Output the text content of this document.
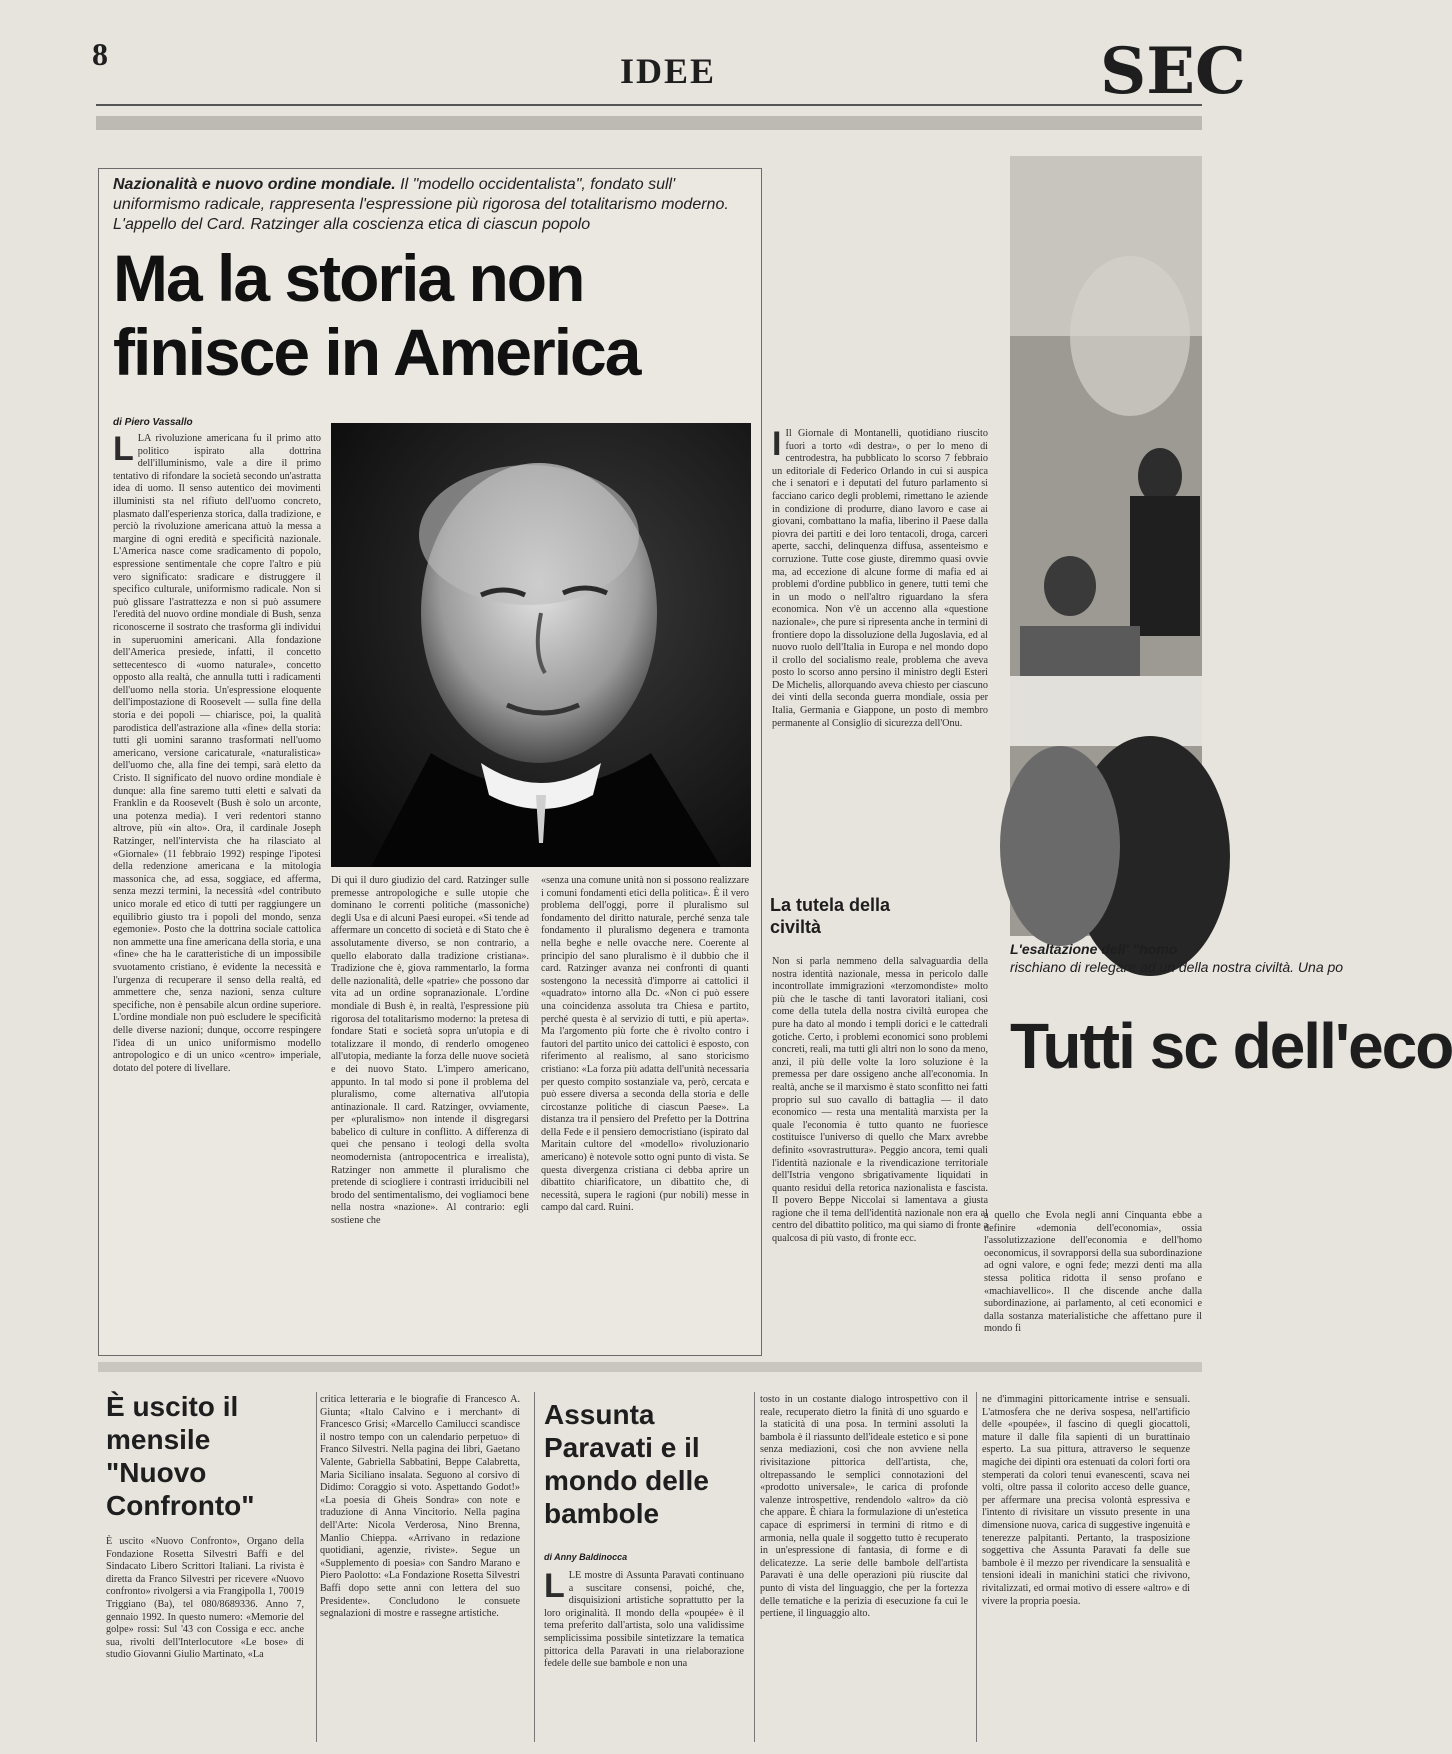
8	IDEE	SEC
Nazionalità e nuovo ordine mondiale. Il "modello occidentalista", fondato sull' uniformismo radicale, rappresenta l'espressione più rigorosa del totalitarismo moderno. L'appello del Card. Ratzinger alla coscienza etica di ciascun popolo
Ma la storia non finisce in America
di Piero Vassallo
LLA rivoluzione americana fu il primo atto politico ispirato alla dottrina dell'illuminismo, vale a dire il primo tentativo di rifondare la società secondo un'astratta idea di uomo. Il senso autentico dei movimenti illuministi sta nel rifiuto dell'uomo concreto, plasmato dall'esperienza storica, dalla tradizione, e perciò la rivoluzione americana attuò la messa a margine di ogni eredità e specificità nazionale. L'America nasce come sradicamento di popolo, espressione sentimentale che copre l'altro e più vero significato: sradicare e distruggere il specifico culturale, uniformismo radicale. Non si può glissare l'astrattezza e non si può assumere l'eredità del nuovo ordine mondiale di Bush, senza riconoscerne il sostrato che trasforma gli individui in superuomini americani. Alla fondazione dell'America presiede, infatti, il concetto settecentesco di «uomo naturale», concetto opposto alla realtà, che annulla tutti i radicamenti dell'uomo nella storia. Un'espressione eloquente dell'impostazione di Roosevelt — sulla fine della storia e dei popoli — chiarisce, poi, la qualità parodistica dell'astrazione alla «fine» della storia: tutti gli uomini saranno trasformati nell'uomo americano, versione caricaturale, «naturalistica» dell'uomo che, alla fine dei tempi, sarà eletto da Cristo. Il significato del nuovo ordine mondiale è dunque: alla fine saremo tutti eletti e salvati da Franklin e da Roosevelt (Bush è solo un arconte, una potenza media). I veri redentori stanno altrove, più «in alto». Ora, il cardinale Joseph Ratzinger, nell'intervista che ha rilasciato al «Giornale» (11 febbraio 1992) respinge l'ipotesi della redenzione americana e la mitologia massonica che, ad essa, soggiace, ed afferma, senza mezzi termini, la necessità «del contributo unico morale ed etico di tutti per raggiungere un equilibrio giusto tra i popoli del mondo, senza egemonie». Posto che la dottrina sociale cattolica non ammette una fine americana della storia, e una «fine» che ha le caratteristiche di un impossibile svuotamento cristiano, è evidente la necessità e l'urgenza di recuperare il senso della realtà, ed ammettere che, senza nazioni, senza culture specifiche, non è pensabile alcun ordine superiore. L'ordine mondiale non può escludere le specificità delle diverse nazioni; dunque, occorre respingere l'idea di un unico uniformismo modello antropologico e di un unico «centro» imperiale, dotato del potere di livellare.
Di qui il duro giudizio del card. Ratzinger sulle premesse antropologiche e sulle utopie che dominano le correnti politiche (massoniche) degli Usa e di alcuni Paesi europei. «Si tende ad affermare un concetto di società e di Stato che è assolutamente diverso, se non contrario, a quello elaborato dalla tradizione cristiana». Tradizione che è, giova rammentarlo, la forma delle nazionalità, delle «patrie» che possono dar vita ad un ordine sopranazionale. L'ordine mondiale di Bush è, in realtà, l'espressione più rigorosa del totalitarismo moderno: la pretesa di fondare Stati e società sopra un'utopia e di totalizzare il mondo, di renderlo omogeneo all'utopia, mediante la forza delle nuove società e dei nuovo Stato. L'impero americano, appunto. In tal modo si pone il problema del pluralismo, come alternativa all'utopia antinazionale. Il card. Ratzinger, ovviamente, per «pluralismo» non intende il disgregarsi babelico di culture in conflitto. A differenza di quei che pensano i teologi della svolta neomodernista (antropocentrica e irrealista), Ratzinger non ammette il pluralismo che pretende di sciogliere i contrasti irriducibili nel brodo del sentimentalismo, dei vogliamoci bene nella nostra «nazione». Al contrario: egli sostiene che
«senza una comune unità non si possono realizzare i comuni fondamenti etici della politica». È il vero problema dell'oggi, porre il pluralismo sul fondamento del diritto naturale, perché senza tale fondamento il pluralismo degenera e tramonta nella beghe e nelle ovacche nere. Coerente al principio del sano pluralismo è il dubbio che il card. Ratzinger avanza nei confronti di quanti sostengono la necessità d'imporre ai cattolici il «quadrato» intorno alla Dc. «Non ci può essere una coincidenza assoluta tra Chiesa e partito, perché questa è al servizio di tutti, e più aperta». Ma l'argomento più forte che è rivolto contro i fautori del partito unico dei cattolici è esposto, con riferimento al realismo, al sano storicismo cristiano: «La forza più adatta dell'unità necessaria per questo compito sostanziale va, però, cercata e può essere diversa a seconda della storia e delle circostanze politiche di ciascun Paese». La distanza tra il pensiero del Prefetto per la Dottrina della Fede e il pensiero democristiano (ispirato dal Maritain cultore del «modello» rivoluzionario americano) è notevole sotto ogni punto di vista. Se questa divergenza cristiana ci debba aprire un dibattito chiarificatore, un dibattito che, di necessità, supera le ragioni (pur nobili) messe in campo dal card. Ruini.
I Il Giornale di Montanelli, quotidiano riuscito fuori a torto «di destra», o per lo meno di centrodestra, ha pubblicato lo scorso 7 febbraio un editoriale di Federico Orlando in cui si auspica che i senatori e i deputati del futuro parlamento si facciano carico degli problemi, rimettano le aziende in condizione di produrre, diano lavoro e case ai giovani, combattano la mafia, liberino il Paese dalla piovra dei partiti e dei loro tentacoli, droga, carceri aperte, sacchi, delinquenza diffusa, assenteismo e corruzione. Tutte cose giuste, diremmo quasi ovvie ma, ad eccezione di alcune forme di mafia ed ai problemi d'ordine pubblico in genere, tutti temi che in un modo o nell'altro riguardano la sfera economica. Non v'è un accenno alla «questione nazionale», che pure si ripresenta anche in termini di frontiere dopo la dissoluzione della Jugoslavia, ed al nuovo ruolo dell'Italia in Europa e nel mondo dopo il crollo del socialismo reale, problema che aveva posto lo scorso anno persino il ministro degli Esteri De Michelis, allorquando aveva chiesto per ciascuno dei vinti della seconda guerra mondiale, ossia per Italia, Germania e Giappone, un posto di membro permanente al Consiglio di sicurezza dell'Onu.
La tutela della civiltà
Non si parla nemmeno della salvaguardia della nostra identità nazionale, messa in pericolo dalle incontrollate immigrazioni «terzomondiste» molto più che le tasche di tanti lavoratori italiani, così come della tutela della nostra civiltà europea che pure ha dato al mondo i templi dorici e le cattedrali gotiche. Certo, i problemi economici sono problemi concreti, reali, ma tutti gli altri non lo sono da meno, anzi, il più delle volte la loro soluzione è la premessa per dare ossigeno anche all'economia. In realtà, anche se il marxismo è stato sconfitto nei fatti proprio sul suo cavallo di battaglia — il dato economico — resta una mentalità marxista per la quale l'economia è tutto quanto ne fuoriesce costituisce l'universo di quello che Marx avrebbe definito «sovrastruttura». Peggio ancora, temi quali l'identità nazionale e la rivendicazione territoriale dell'Istria vengono sbrigativamente liquidati in quanto residui della retorica nazionalista e fascista. Il povero Beppe Niccolai si lamentava a giusta ragione che il tema dell'identità nazionale non era al centro del dibattito politico, ma qui siamo di fronte a qualcosa di più vasto, di fronte ecc.
L'esaltazione dell' "homo
rischiano di relegare ad un della nostra civiltà. Una po
Tutti sc dell'eco
a quello che Evola negli anni Cinquanta ebbe a definire «demonia dell'economia», ossia l'assolutizzazione dell'economia e dell'homo oeconomicus, il sovrapporsi della sua subordinazione ad ogni valore, e ogni fede; mezzi denti ma alla stessa politica ridotta il senso profano e «machiavellico». Il che discende anche dalla subordinazione, ai parlamento, al ceti economici e dalla sostanza materialistiche che affettano pure il mondo fi
È uscito il mensile "Nuovo Confronto"
È uscito «Nuovo Confronto», Organo della Fondazione Rosetta Silvestri Baffi e del Sindacato Libero Scrittori Italiani. La rivista è diretta da Franco Silvestri per ricevere «Nuovo confronto» rivolgersi a via Frangipolla 1, 70019 Triggiano (Ba), tel 080/8689336. Anno 7, gennaio 1992. In questo numero: «Memorie del golpe» rossi: Sul '43 con Cossiga e ecc. anche sua, rivolti dell'Interlocutore «Le bose» di studio Giovanni Giulio Martinato, «La
critica letteraria e le biografie di Francesco A. Giunta; «Italo Calvino e i merchant» di Francesco Grisi; «Marcello Camilucci scandisce il nostro tempo con un calendario perpetuo» di Franco Silvestri. Nella pagina dei libri, Gaetano Valente, Gabriella Sabbatini, Beppe Calabretta, Maria Siciliano insalata. Seguono al corsivo di Didimo: Coraggio si voto. Aspettando Godot!» «La poesia di Gheis Sondra» con note e traduzione di Anna Vincitorio. Nella pagina dell'Arte: Nicola Verderosa, Nino Brenna, Manlio Chieppa. «Arrivano in redazione quotidiani, agenzie, riviste». Segue un «Supplemento di poesia» con Sandro Marano e Piero Paolotto: «La Fondazione Rosetta Silvestri Baffi dopo sette anni con lettera del suo Presidente». Concludono le consuete segnalazioni di mostre e rassegne artistiche.
Assunta Paravati e il mondo delle bambole
di Anny Baldinocca
LLE mostre di Assunta Paravati continuano a suscitare consensi, poiché, che, disquisizioni artistiche soprattutto per la loro originalità. Il mondo della «poupée» è il tema preferito dall'artista, solo una validissime semplicissima possibile sintetizzare la tematica pittorica della Paravati in una rielaborazione fedele delle sue bambole e non una
tosto in un costante dialogo introspettivo con il reale, recuperato dietro la finità di uno sguardo e la staticità di una posa. In termini assoluti la bambola è il riassunto dell'ideale estetico e si pone senza mediazioni, così che non avviene nella rivisitazione pittorica dell'artista, che, oltrepassando le semplici connotazioni del «prodotto universale», le carica di profonde valenze introspettive, rendendolo «altro» da ciò che appare. È chiara la formulazione di un'estetica capace di esprimersi in termini di ritmo e di armonia, nella quale il soggetto tutto è recuperato in un'espressione di fantasia, di forme e di delicatezze. La serie delle bambole dell'artista Paravati è una delle operazioni più riuscite dal punto di vista del linguaggio, che per la fortezza delle tematiche e la perizia di esecuzione fa cui le pertiene, il linguaggio alto.
ne d'immagini pittoricamente intrise e sensuali. L'atmosfera che ne deriva sospesa, nell'artificio delle «poupée», il fascino di quegli giocattoli, mature il dalle fila sapienti di un burattinaio esperto. La sua pittura, attraverso le sequenze magiche dei dipinti ora estenuati da colori forti ora stemperati da colori tenui evanescenti, scava nei volti, oltre passa il colorito acceso delle guance, per affermare una precisa volontà espressiva e l'intento di rivisitare un vissuto presente in una dimensione nuova, carica di suggestive ingenuità e tenerezze palpitanti. Pertanto, la trasposizione soggettiva che Assunta Paravati fa delle sue bambole è il mezzo per rivendicare la sensualità e tensioni ideali in manichini statici che rivivono, rivitalizzati, ed ormai motivo di essere «altro» e di vivere la propria poesia.
